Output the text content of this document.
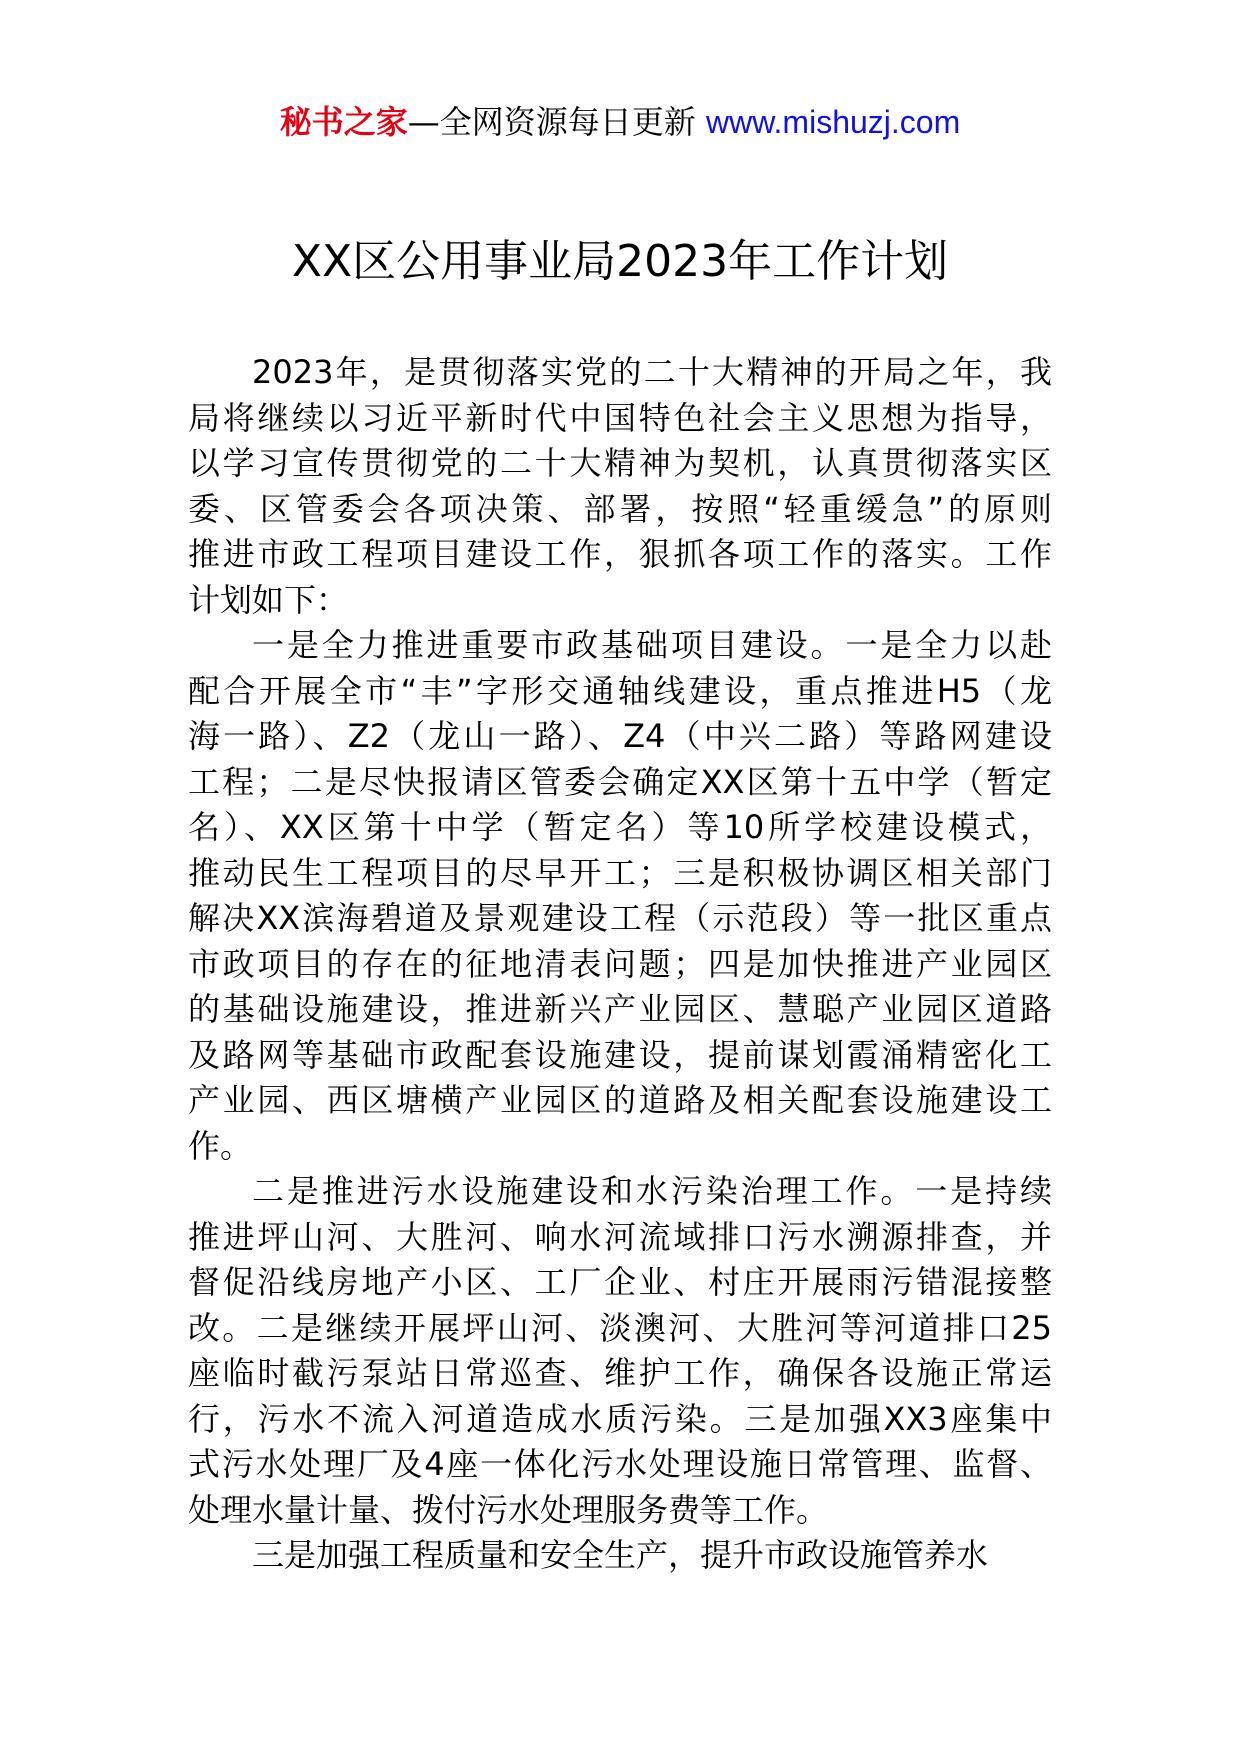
秘书之家—全网资源每日更新 www.mishuzj.com
XX区公用事业局2023年工作计划
2023年，是贯彻落实党的二十大精神的开局之年，我
局将继续以习近平新时代中国特色社会主义思想为指导，
以学习宣传贯彻党的二十大精神为契机，认真贯彻落实区
委、区管委会各项决策、部署，按照“轻重缓急”的原则
推进市政工程项目建设工作，狠抓各项工作的落实。工作
计划如下：
一是全力推进重要市政基础项目建设。一是全力以赴
配合开展全市“丰”字形交通轴线建设，重点推进H5（龙
海一路）、Z2（龙山一路）、Z4（中兴二路）等路网建设
工程；二是尽快报请区管委会确定XX区第十五中学（暂定
名）、XX区第十中学（暂定名）等10所学校建设模式，
推动民生工程项目的尽早开工；三是积极协调区相关部门
解决XX滨海碧道及景观建设工程（示范段）等一批区重点
市政项目的存在的征地清表问题；四是加快推进产业园区
的基础设施建设，推进新兴产业园区、慧聪产业园区道路
及路网等基础市政配套设施建设，提前谋划霞涌精密化工
产业园、西区塘横产业园区的道路及相关配套设施建设工
作。
二是推进污水设施建设和水污染治理工作。一是持续
推进坪山河、大胜河、响水河流域排口污水溯源排查，并
督促沿线房地产小区、工厂企业、村庄开展雨污错混接整
改。二是继续开展坪山河、淡澳河、大胜河等河道排口25
座临时截污泵站日常巡查、维护工作，确保各设施正常运
行，污水不流入河道造成水质污染。三是加强XX3座集中
式污水处理厂及4座一体化污水处理设施日常管理、监督、
处理水量计量、拨付污水处理服务费等工作。
三是加强工程质量和安全生产，提升市政设施管养水
